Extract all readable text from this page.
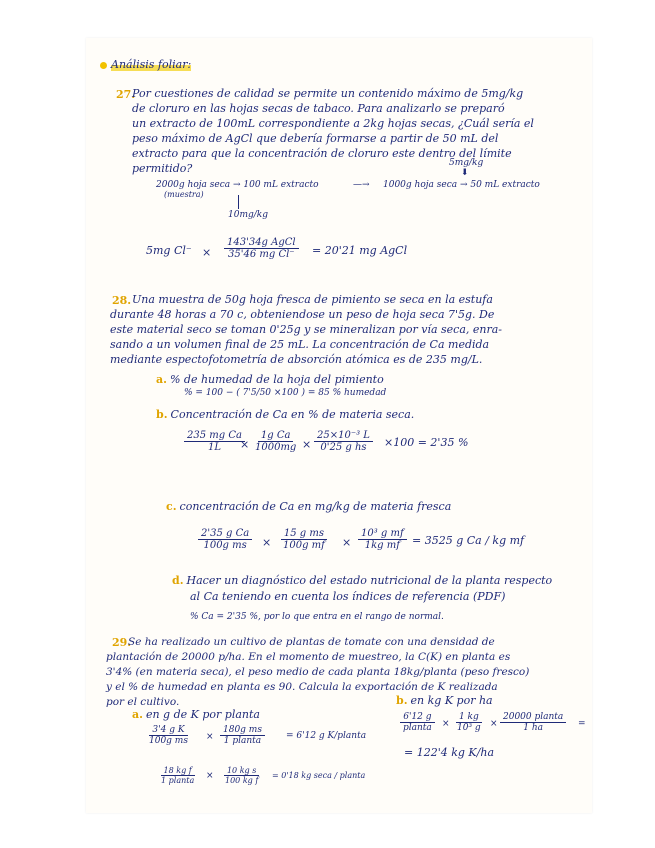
Análisis foliar:
27.
Por cuestiones de calidad se permite un contenido máximo de 5mg/kg
de cloruro en las hojas secas de tabaco. Para analizarlo se preparó
un extracto de 100mL correspondiente a 2kg hojas secas, ¿Cuál sería el
peso máximo de AgCl que debería formarse a partir de 50 mL del
extracto para que la concentración de cloruro este dentro del límite
permitido?	5mg/kg
⬇
2000g hoja seca → 100 mL extracto
(muestra)
—→ 1000g hoja seca → 50 mL extracto
10mg/kg
5mg Cl⁻ ×
143'34g AgCl
35'46 mg Cl⁻ = 20'21 mg AgCl
28. Una muestra de 50g hoja fresca de pimiento se seca en la estufa
durante 48 horas a 70 c, obteniendose un peso de hoja seca 7'5g. De
este material seco se toman 0'25g y se mineralizan por vía seca, enra-
sando a un volumen final de 25 mL. La concentración de Ca medida
mediante espectofotometría de absorción atómica es de 235 mg/L.
a. % de humedad de la hoja del pimiento
% = 100 − ( 7'5/50 ×100 ) = 85 % humedad
b. Concentración de Ca en % de materia seca.
$\frac{\text{235 mg Ca}}{1L}$
× $\frac{\text{1g Ca}}{1000mg} \times \frac{\text{25×10⁻³ L}}{\text{0'25 g hs}} \times 100 = 2'35$ %
c. concentración de Ca en mg/kg de materia fresca
$\frac{\text{2'35 g Ca}}{\text{100g ms}} \times \frac{\text{15 g ms}}{\text{100g mf}} \times \frac{\text{10³ g mf}}{\text{1kg mf}} = 3525$ g Ca / kg mf
d. Hacer un diagnóstico del estado nutricional de la planta respecto
al Ca teniendo en cuenta los índices de referencia (PDF)
% Ca = 2'35 %, por lo que entra en el rango de normal.
29.
Se ha realizado un cultivo de plantas de tomate con una densidad de
plantación de 20000 p/ha. En el momento de muestreo, la C(K) en planta es
3'4% (en materia seca), el peso medio de cada planta 18kg/planta (peso fresco)
y el % de humedad en planta es 90. Calcula la exportación de K realizada
por el cultivo.
a. en g de K por planta
$\frac{\text{3'4 g K}}{\text{100g ms}}$ ×
180g ms
1 planta	= 6'12 g K/planta
18 kg f
1 planta	× $\frac{\text{10 kg s}}{\text{100 kg f}} = 0'18$ kg seca / planta
b. en kg K por ha
6'12 g
planta	× $\frac{1 kg}{\text{10³ g}}$ ×
20000 planta
1 ha	=
= 122'4 kg K/ha
